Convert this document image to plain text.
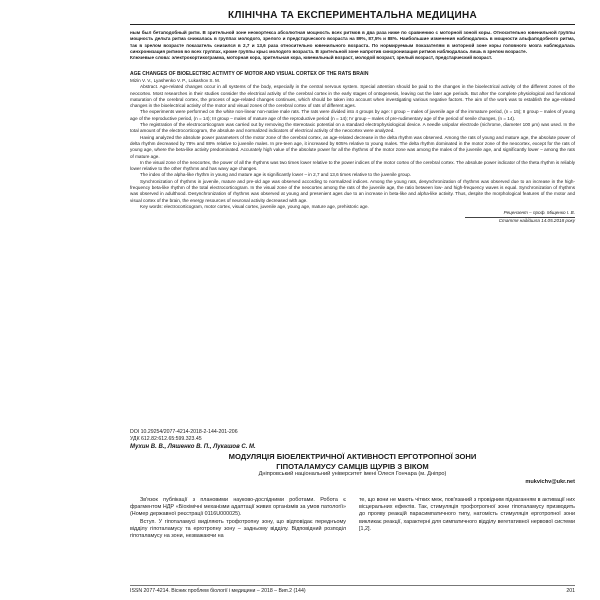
КЛІНІЧНА ТА ЕКСПЕРИМЕНТАЛЬНА МЕДИЦИНА

ным был бетаподобный ритм. В зрительной зоне неокортекса абсолютная мощность всех ритмов в два раза ниже по сравнению с моторной зоной коры. Относительно ювенильной группы мощность дельта ритма снижалась в группах молодого, зрелого и предстарческого возраста на 89%, 87,5% и 88%. Наибольшие изменения наблюдались в мощности альфаподобного ритма, так в зрелом возрасте показатель снизился в 2,7 и 13,6 раза относительно ювенильного возраста. По нормируемым показателям в моторной зоне коры головного мозга наблюдалась синхронизация ритмов во всех группах, кроме группы крыс молодого возраста. В зрительной зоне напротив синхронизация ритмов наблюдалась лишь в зрелом возрасте.

Ключевые слова: электрокортикограмма, моторная кора, зрительная кора, ювенильный возраст, молодой возраст, зрелый возраст, предстарческий возраст.

AGE CHANGES OF BIOELECTRIC ACTIVITY OF MOTOR AND VISUAL CORTEX OF THE RATS BRAIN
Mizin V. V., Lyashenko V. P., Lukashov S. M.

Abstract. Age-related changes occur in all systems of the body, especially in the central nervous system. Special attention should be paid to the changes in the bioelectrical activity of the different zones of the neocortex. Most researches in their studies consider the electrical activity of the cerebral cortex in the early stages of ontogenesis, leaving out the later age periods. But after the complete physiological and functional maturation of the cerebral cortex, the process of age-related changes continues, which should be taken into account when investigating various negative factors. The aim of the work was to establish the age-related changes in the bioelectrical activity of the motor and visual zones of the cerebral cortex of rats of different ages.

The experiments were performed on the white non-linear non-native male rats. The rats were divided into 4 groups by age: I group – males of juvenile age of the immature period, (n = 15); II group – males of young age of the reproductive period, (n = 14); III group – males of mature age of the reproductive period (n = 14); IV group – males of pre-rudimentary age of the period of senile changes, (n = 14).

The registration of the electrocorticogram was carried out by removing the stereotaxic potential on a standard electrophysiological device. A needle unipolar electrode (nichrome, diameter 100 μm) was used. In the total amount of the electrocorticogram, the absolute and normalized indicators of electrical activity of the neocortex were analyzed.

Having analyzed the absolute power parameters of the motor zone of the cerebral cortex, an age-related decrease in the delta rhythm was observed. Among the rats of young and mature age, the absolute power of delta rhythm decreased by 78% and 88% relative to juvenile males. In pre-teen age, it increased by 605% relative to young males. The delta rhythm dominated in the motor zone of the neocortex, except for the rats of young age, where the beta-like activity predominated. Accurately high value of the absolute power for all the rhythms of the motor zone was among the males of the juvenile age, and significantly lower – among the rats of mature age.

In the visual zone of the neocortex, the power of all the rhythms was two times lower relative to the power indices of the motor cortex of the cerebral cortex. The absolute power indicator of the theta rhythm is reliably lower relative to the other rhythms and has wavy age changes.

The index of the alpha-like rhythm in young and mature age is significantly lower – in 2,7 and 13,6 times relative to the juvenile group.

Synchronization of rhythms in juvenile, mature and pre-old age was observed according to normalized indices. Among the young rats, desynchronization of rhythms was observed due to an increase in the high-frequency beta-like rhythm of the total electrocorticogram. In the visual zone of the neocortex among the rats of the juvenile age, the ratio between low- and high-frequency waves is equal. Synchronization of rhythms was observed in adulthood. Desynchronization of rhythms was observed at young and presenient ages due to an increase in beta-like and alpha-like activity. Thus, despite the morphological features of the motor and visual cortex of the brain, the energy resources of neuronal activity decreased with age.

Key words: electrocorticogram, motor cortex, visual cortex, juvenile age, young age, mature age, prehistoric age.

Рецензент – проф. Міщенко І. В.
Стаття надійшла 14.05.2018 року
DOI 10.29254/2077-4214-2018-2-144-201-206
УДК 612.82:612.65:599.323.45
Мухин В. В., Ляшенко В. П., Лукашов С. М.
МОДУЛЯЦІЯ БІОЕЛЕКТРИЧНОЇ АКТИВНОСТІ ЕРГОТРОПНОЇ ЗОНИ
ГІПОТАЛАМУСУ САМЦІВ ЩУРІВ З ВІКОМ
Дніпровський національний університет імені Олеся Гончара (м. Дніпро)
mukvichv@ukr.net

Зв'язок публікації з плановими науково-дослідними роботами. Робота є фрагментом НДР «Біохімічні механізми адаптації живих організмів за умов патології» (Номер державної реєстрації 0116U000025).

Вступ. У гіпоталамусі виділяють трофотропну зону, що відповідає переднъому відділу гіпоталамусу та ерготропну зону – задньому відділу. Відповідний розподіл гіпоталамусу на зони, незважаючи на

те, що вони не мають чітких меж, пов'язаний з провідним піднаганням в активації них вісцеральних ефектів. Так, стимуляція трофотропної зони гіпоталамусу призводить до прояву реакцій парасимпатичного типу, натомість стимуляція ерготропної зони викликає реакції, характерні для симпатичного відділу вегетативної нервової системи [1,2].

ISSN 2077-4214. Вісник проблем біології і медицини – 2018 – Вип.2 (144)	201
